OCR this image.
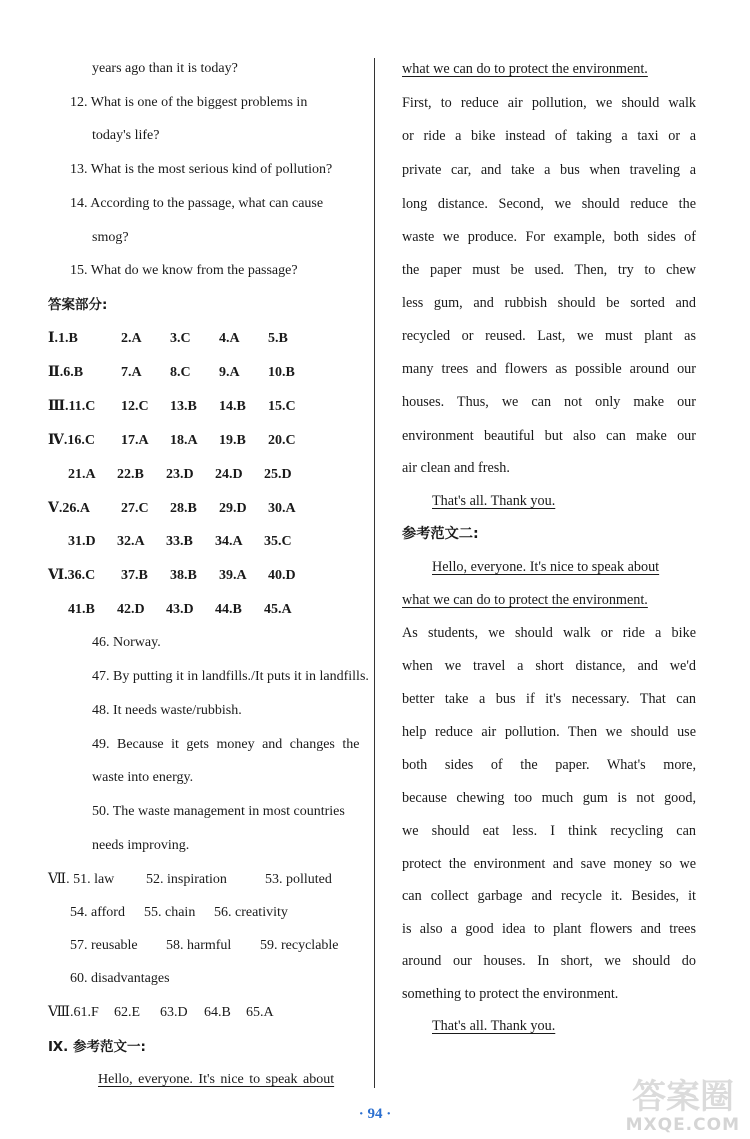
years ago than it is today?
12. What is one of the biggest problems in
today's life?
13. What is the most serious kind of pollution?
14. According to the passage, what can cause
smog?
15. What do we know from the passage?
答案部分:
Ⅰ.1.B	2.A 3.C 4.A 5.B
Ⅱ.6.B	7.A 8.C 9.A 10.B
Ⅲ.11.C 12.C 13.B 14.B 15.C
Ⅳ.16.C 17.A 18.A 19.B 20.C
21.A 22.B 23.D 24.D 25.D
Ⅴ.26.A 27.C 28.B 29.D 30.A
31.D 32.A 33.B 34.A 35.C
Ⅵ.36.C 37.B 38.B 39.A 40.D
41.B 42.D 43.D 44.B 45.A
46. Norway.
47. By putting it in landfills./It puts it in landfills.
48. It needs waste/rubbish.
49. Because it gets money and changes the
waste into energy.
50. The waste management in most countries
needs improving.
Ⅶ. 51. law 52. inspiration	53. polluted
54. afford 55. chain 56. creativity
57. reusable 58. harmful 59. recyclable
60. disadvantages
Ⅷ.61.F 62.E 63.D 64.B 65.A
Ⅸ. 参考范文一:
Hello, everyone. It's nice to speak about
what we can do to protect the environment.
First, to reduce air pollution, we should walk
or ride a bike instead of taking a taxi or a
private car, and take a bus when traveling a
long distance. Second, we should reduce the
waste we produce. For example, both sides of
the paper must be used. Then, try to chew
less gum, and rubbish should be sorted and
recycled or reused. Last, we must plant as
many trees and flowers as possible around our
houses. Thus, we can not only make our
environment beautiful but also can make our
air clean and fresh.
That's all. Thank you.
参考范文二:
Hello, everyone. It's nice to speak about
what we can do to protect the environment.
As students, we should walk or ride a bike
when we travel a short distance, and we'd
better take a bus if it's necessary. That can
help reduce air pollution. Then we should use
both sides of the paper. What's more,
because chewing too much gum is not good,
we should eat less. I think recycling can
protect the environment and save money so we
can collect garbage and recycle it. Besides, it
is also a good idea to plant flowers and trees
around our houses. In short, we should do
something to protect the environment.
That's all. Thank you.
· 94 ·	答案圈
MXQE.COM
